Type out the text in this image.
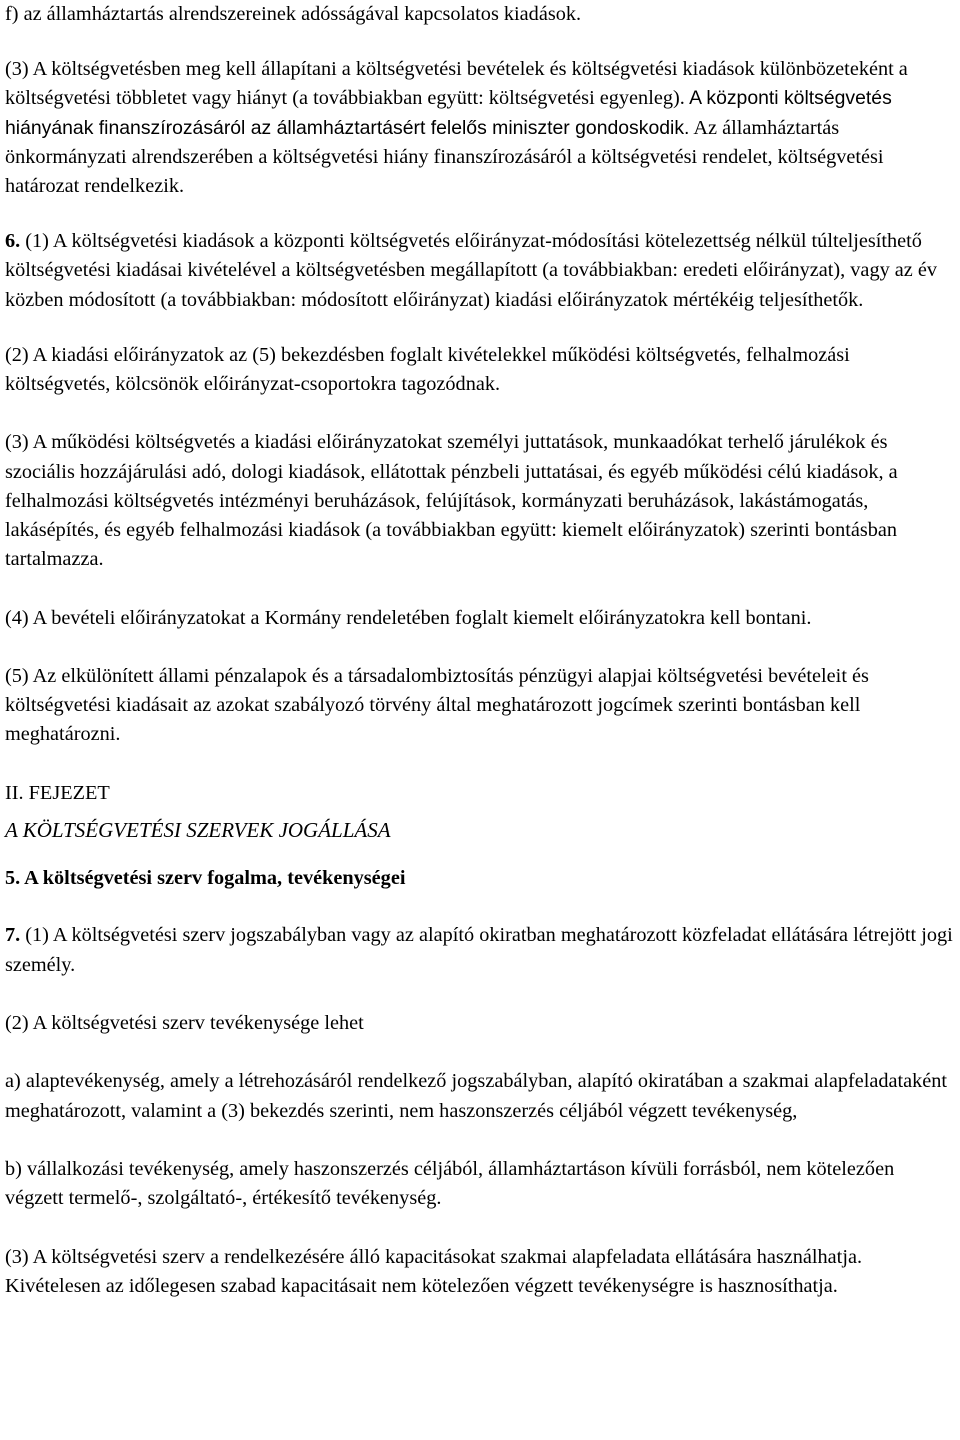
f) az államháztartás alrendszereinek adósságával kapcsolatos kiadások.

(3) A költségvetésben meg kell állapítani a költségvetési bevételek és költségvetési kiadások különbözeteként a költségvetési többletet vagy hiányt (a továbbiakban együtt: költségvetési egyenleg). A központi költségvetés hiányának finanszírozásáról az államháztartásért felelős miniszter gondoskodik. Az államháztartás önkormányzati alrendszerében a költségvetési hiány finanszírozásáról a költségvetési rendelet, költségvetési határozat rendelkezik.

6. (1) A költségvetési kiadások a központi költségvetés előirányzat-módosítási kötelezettség nélkül túlteljesíthető költségvetési kiadásai kivételével a költségvetésben megállapított (a továbbiakban: eredeti előirányzat), vagy az év közben módosított (a továbbiakban: módosított előirányzat) kiadási előirányzatok mértékéig teljesíthetők.

(2) A kiadási előirányzatok az (5) bekezdésben foglalt kivételekkel működési költségvetés, felhalmozási költségvetés, kölcsönök előirányzat-csoportokra tagozódnak.

(3) A működési költségvetés a kiadási előirányzatokat személyi juttatások, munkaadókat terhelő járulékok és szociális hozzájárulási adó, dologi kiadások, ellátottak pénzbeli juttatásai, és egyéb működési célú kiadások, a felhalmozási költségvetés intézményi beruházások, felújítások, kormányzati beruházások, lakástámogatás, lakásépítés, és egyéb felhalmozási kiadások (a továbbiakban együtt: kiemelt előirányzatok) szerinti bontásban tartalmazza.

(4) A bevételi előirányzatokat a Kormány rendeletében foglalt kiemelt előirányzatokra kell bontani.

(5) Az elkülönített állami pénzalapok és a társadalombiztosítás pénzügyi alapjai költségvetési bevételeit és költségvetési kiadásait az azokat szabályozó törvény által meghatározott jogcímek szerinti bontásban kell meghatározni.

II. FEJEZET

A KÖLTSÉGVETÉSI SZERVEK JOGÁLLÁSA

5. A költségvetési szerv fogalma, tevékenységei

7. (1) A költségvetési szerv jogszabályban vagy az alapító okiratban meghatározott közfeladat ellátására létrejött jogi személy.

(2) A költségvetési szerv tevékenysége lehet

a) alaptevékenység, amely a létrehozásáról rendelkező jogszabályban, alapító okiratában a szakmai alapfeladataként meghatározott, valamint a (3) bekezdés szerinti, nem haszonszerzés céljából végzett tevékenység,

b) vállalkozási tevékenység, amely haszonszerzés céljából, államháztartáson kívüli forrásból, nem kötelezően végzett termelő-, szolgáltató-, értékesítő tevékenység.

(3) A költségvetési szerv a rendelkezésére álló kapacitásokat szakmai alapfeladata ellátására használhatja. Kivételesen az időlegesen szabad kapacitásait nem kötelezően végzett tevékenységre is hasznosíthatja.
